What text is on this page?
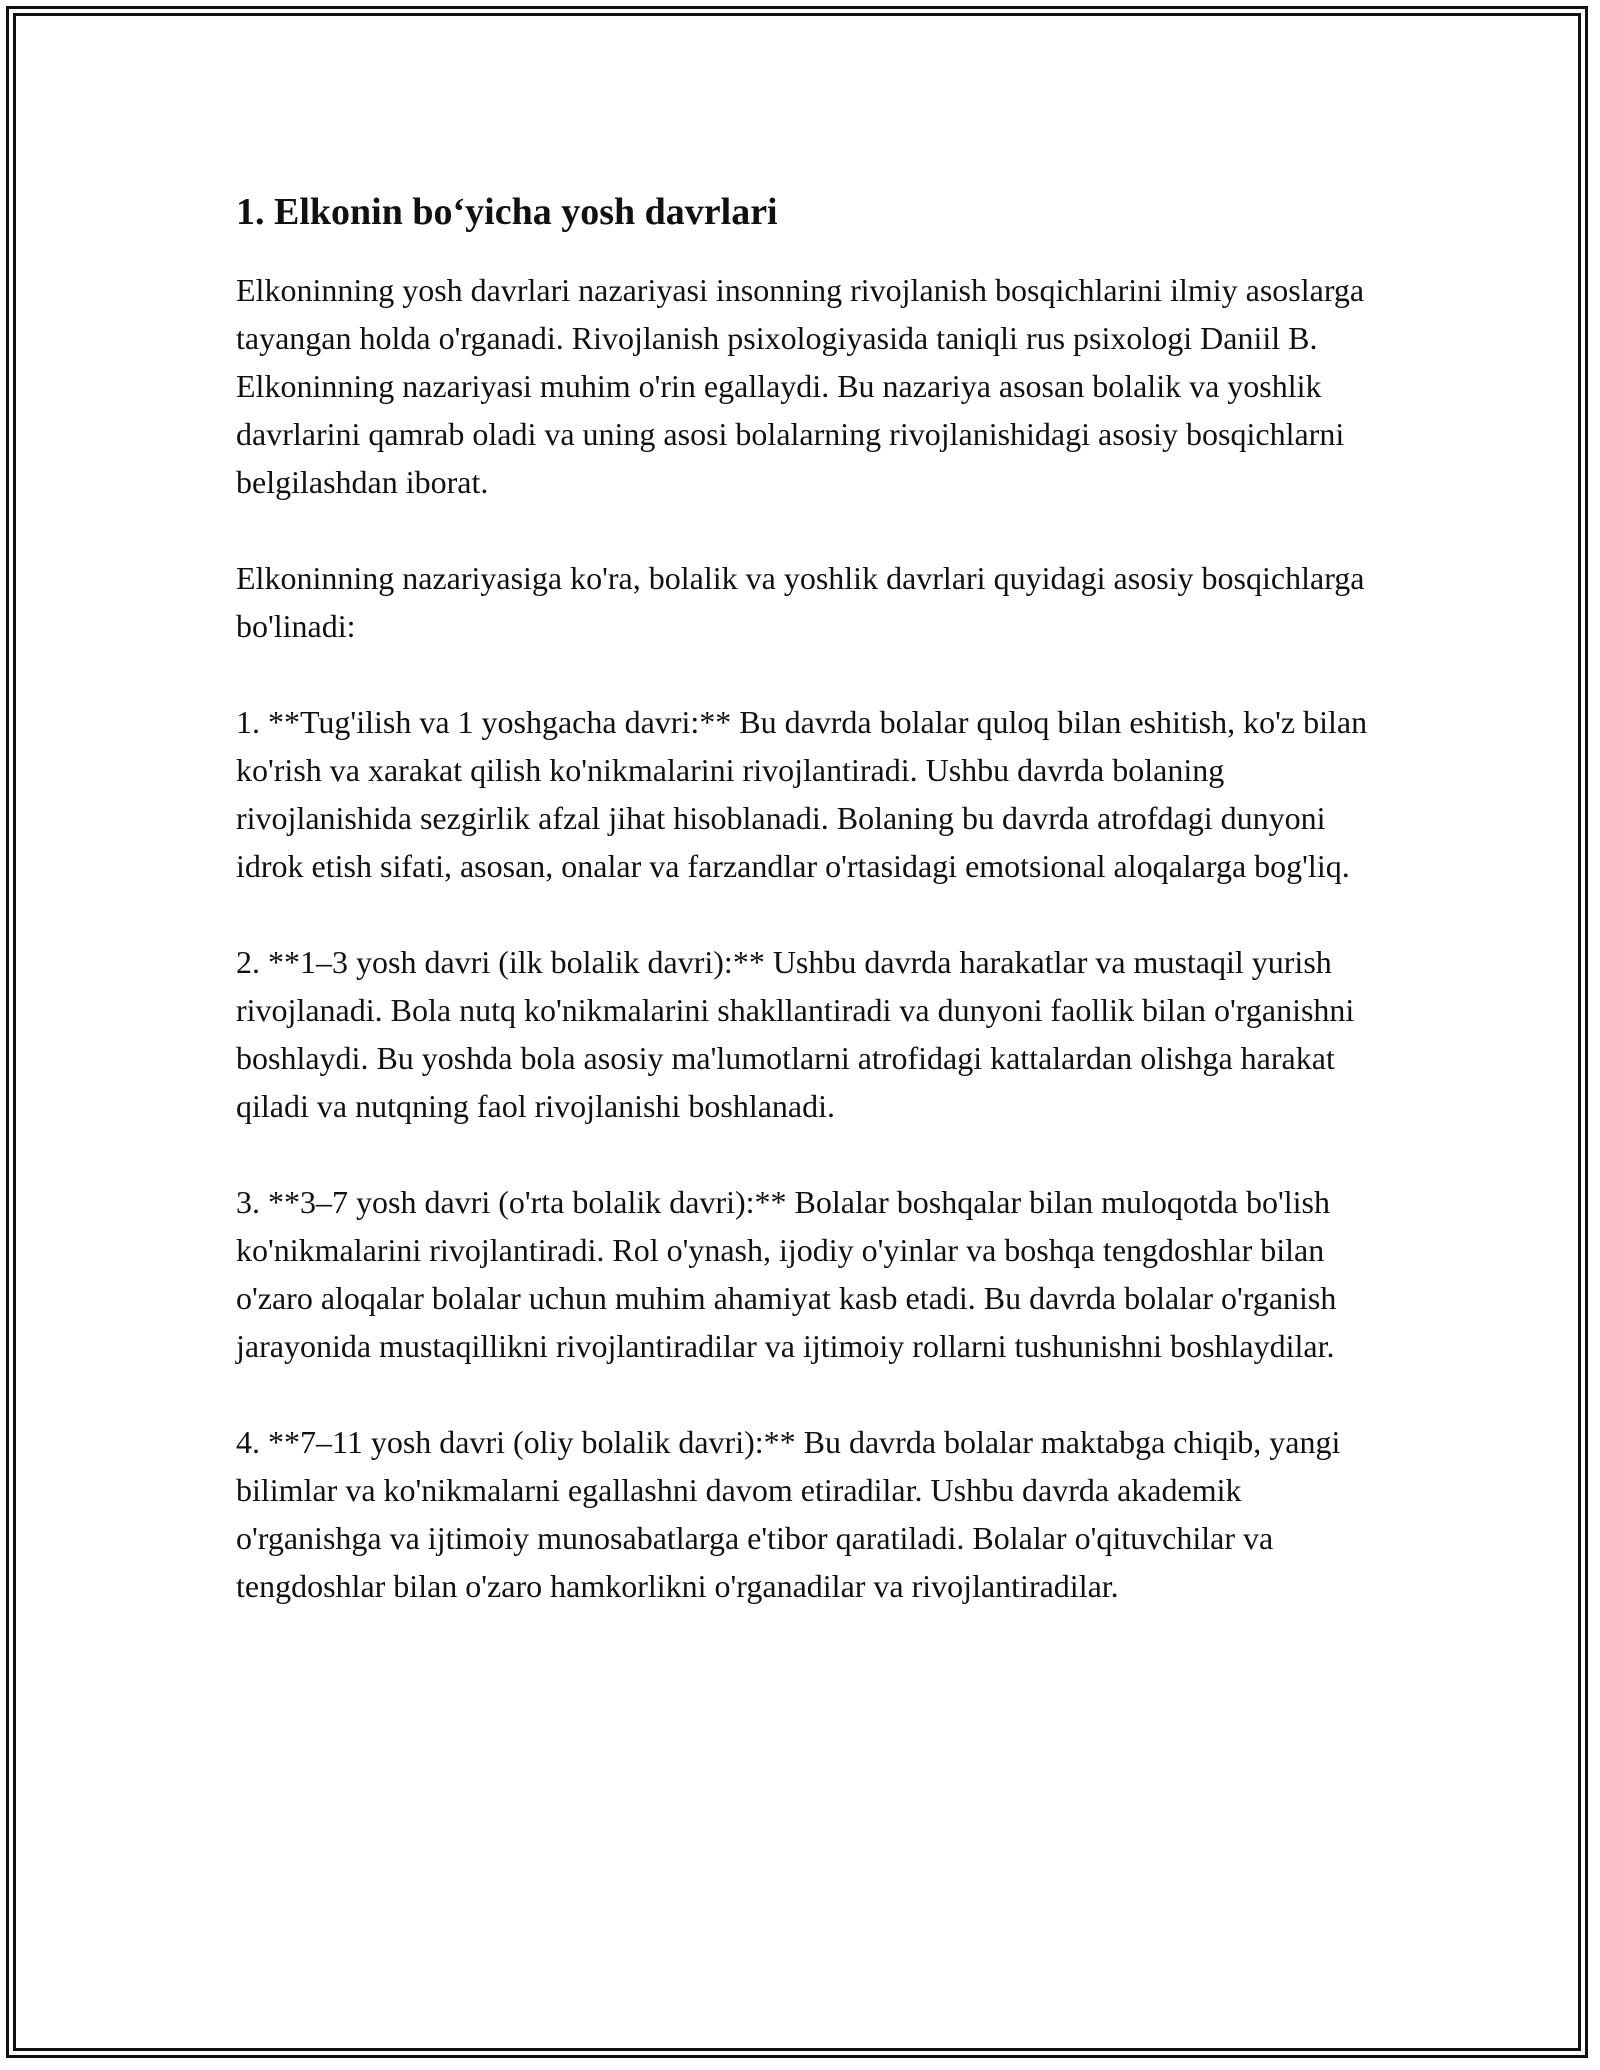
1. Elkonin bo‘yicha yosh davrlari

Elkoninning yosh davrlari nazariyasi insonning rivojlanish bosqichlarini ilmiy asoslarga tayangan holda o'rganadi. Rivojlanish psixologiyasida taniqli rus psixologi Daniil B. Elkoninning nazariyasi muhim o'rin egallaydi. Bu nazariya asosan bolalik va yoshlik davrlarini qamrab oladi va uning asosi bolalarning rivojlanishidagi asosiy bosqichlarni belgilashdan iborat.

Elkoninning nazariyasiga ko'ra, bolalik va yoshlik davrlari quyidagi asosiy bosqichlarga bo'linadi:

1. **Tug'ilish va 1 yoshgacha davri:** Bu davrda bolalar quloq bilan eshitish, ko'z bilan ko'rish va xarakat qilish ko'nikmalarini rivojlantiradi. Ushbu davrda bolaning rivojlanishida sezgirlik afzal jihat hisoblanadi. Bolaning bu davrda atrofdagi dunyoni idrok etish sifati, asosan, onalar va farzandlar o'rtasidagi emotsional aloqalarga bog'liq.

2. **1–3 yosh davri (ilk bolalik davri):** Ushbu davrda harakatlar va mustaqil yurish rivojlanadi. Bola nutq ko'nikmalarini shakllantiradi va dunyoni faollik bilan o'rganishni boshlaydi. Bu yoshda bola asosiy ma'lumotlarni atrofidagi kattalardan olishga harakat qiladi va nutqning faol rivojlanishi boshlanadi.

3. **3–7 yosh davri (o'rta bolalik davri):** Bolalar boshqalar bilan muloqotda bo'lish ko'nikmalarini rivojlantiradi. Rol o'ynash, ijodiy o'yinlar va boshqa tengdoshlar bilan o'zaro aloqalar bolalar uchun muhim ahamiyat kasb etadi. Bu davrda bolalar o'rganish jarayonida mustaqillikni rivojlantiradilar va ijtimoiy rollarni tushunishni boshlaydilar.

4. **7–11 yosh davri (oliy bolalik davri):** Bu davrda bolalar maktabga chiqib, yangi bilimlar va ko'nikmalarni egallashni davom etiradilar. Ushbu davrda akademik o'rganishga va ijtimoiy munosabatlarga e'tibor qaratiladi. Bolalar o'qituvchilar va tengdoshlar bilan o'zaro hamkorlikni o'rganadilar va rivojlantiradilar.
